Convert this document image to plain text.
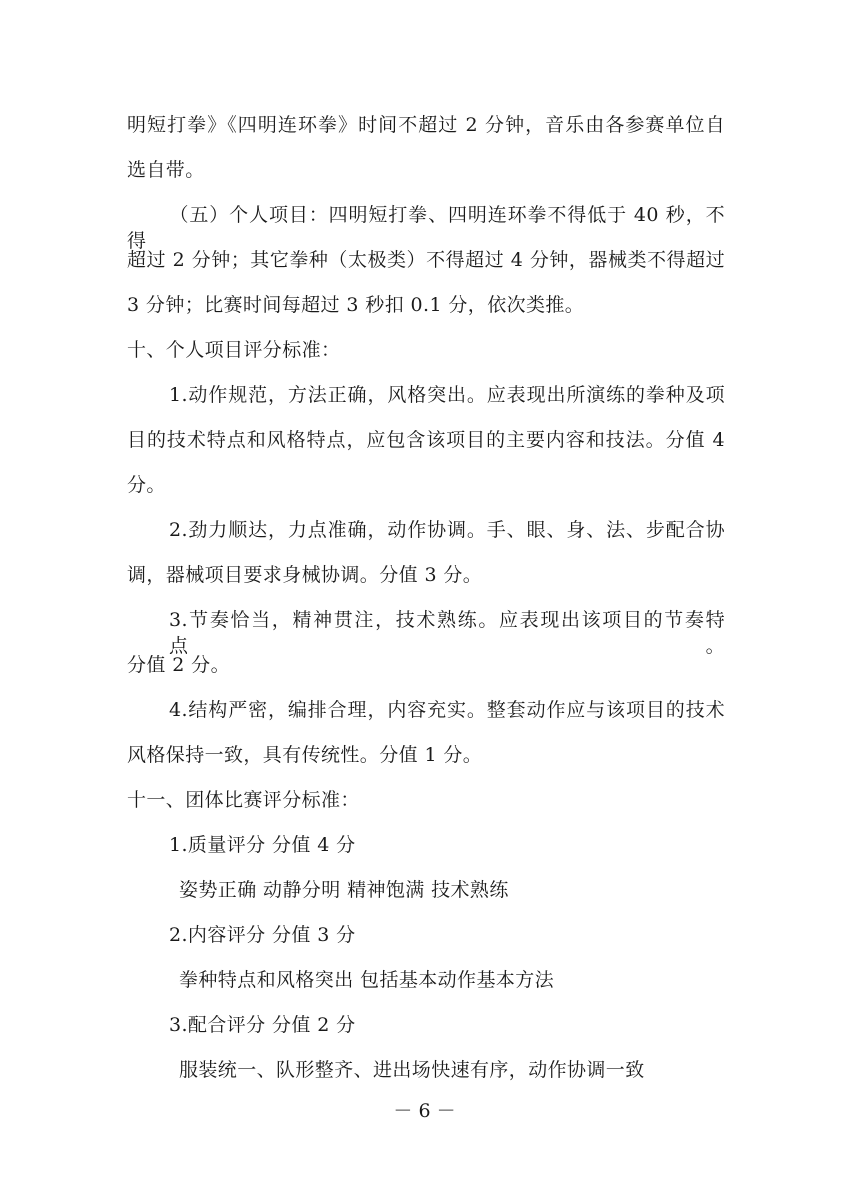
明短打拳》《四明连环拳》时间不超过 2 分钟，音乐由各参赛单位自
选自带。
（五）个人项目：四明短打拳、四明连环拳不得低于 40 秒，不得
超过 2 分钟；其它拳种（太极类）不得超过 4 分钟，器械类不得超过
3 分钟；比赛时间每超过 3 秒扣 0.1 分，依次类推。
十、个人项目评分标准：
1.动作规范，方法正确，风格突出。应表现出所演练的拳种及项
目的技术特点和风格特点，应包含该项目的主要内容和技法。分值 4
分。
2.劲力顺达，力点准确，动作协调。手、眼、身、法、步配合协
调，器械项目要求身械协调。分值 3 分。
3.节奏恰当，精神贯注，技术熟练。应表现出该项目的节奏特点。
分值 2 分。
4.结构严密，编排合理，内容充实。整套动作应与该项目的技术
风格保持一致，具有传统性。分值 1 分。
十一、团体比赛评分标准：
1.质量评分 分值 4 分
姿势正确 动静分明 精神饱满 技术熟练
2.内容评分 分值 3 分
拳种特点和风格突出 包括基本动作基本方法
3.配合评分 分值 2 分
服装统一、队形整齐、进出场快速有序，动作协调一致
－ 6 －
